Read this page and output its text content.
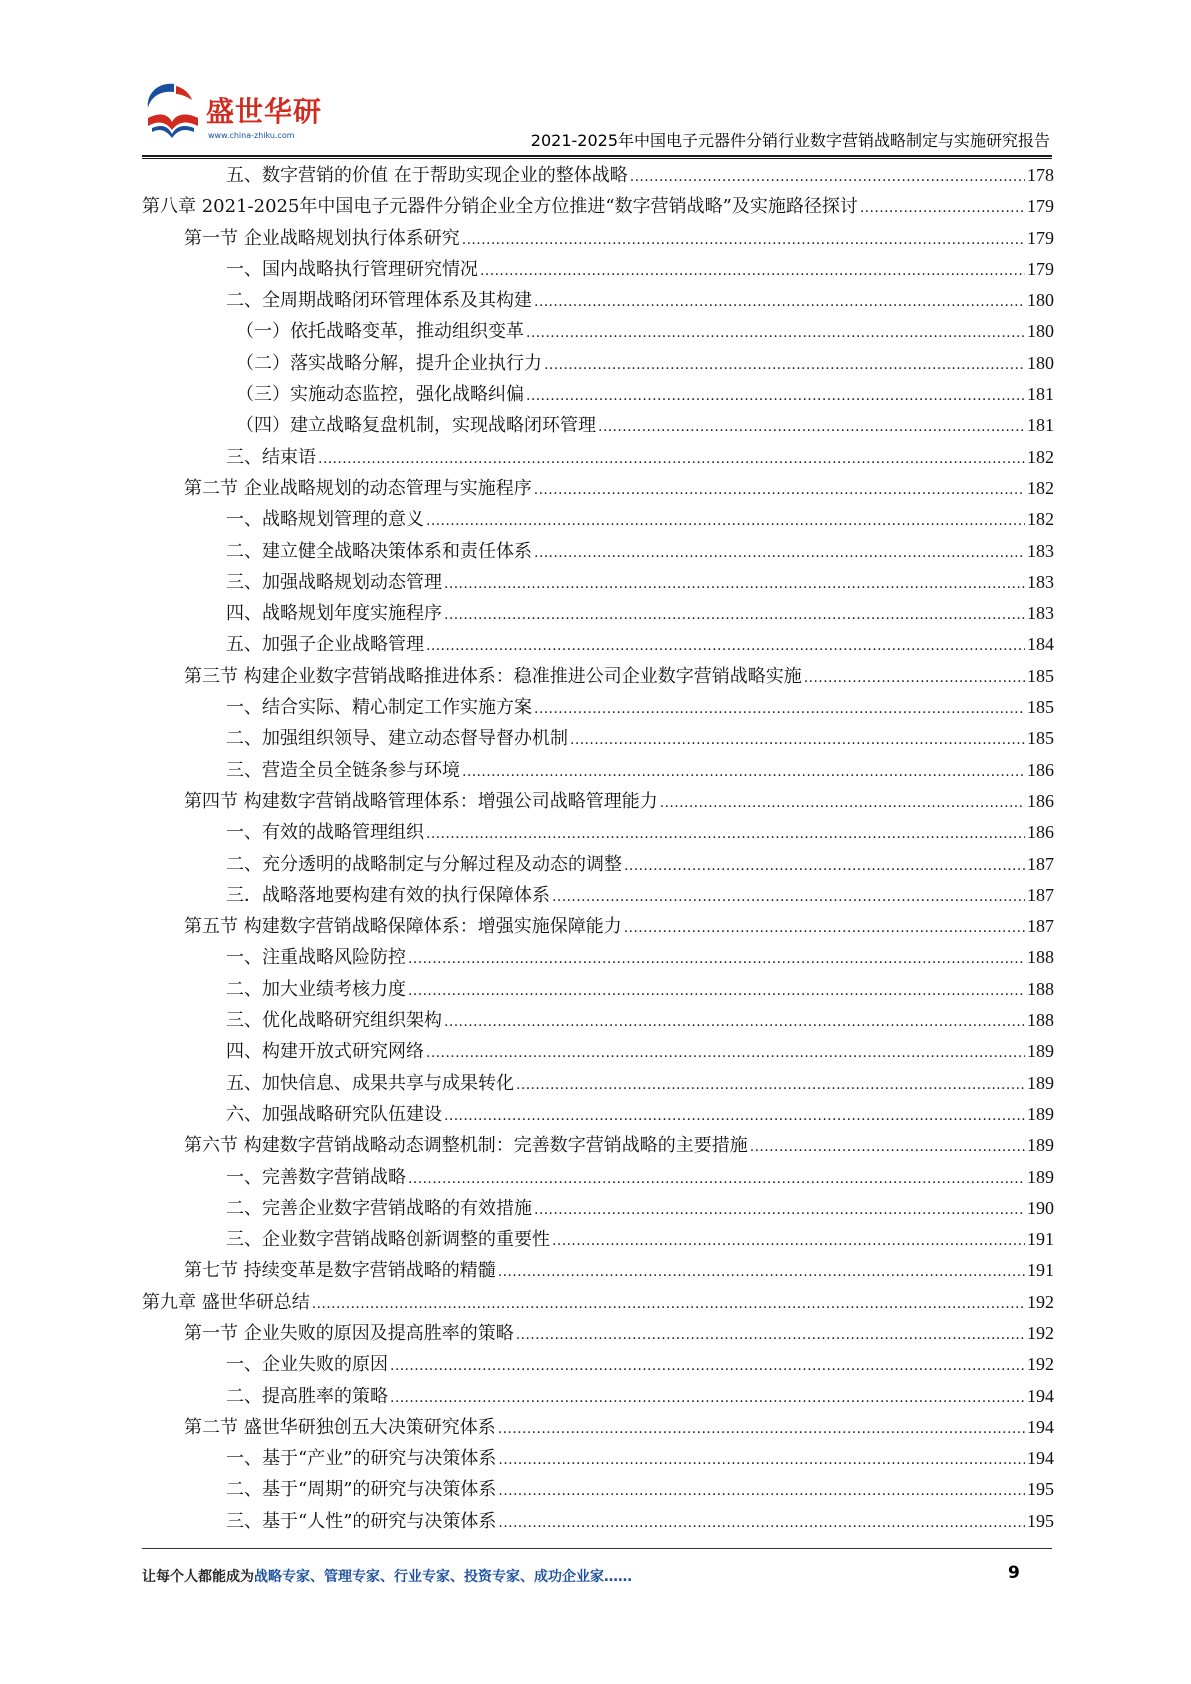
盛世华研
www.china-zhiku.com	2021-2025年中国电子元器件分销行业数字营销战略制定与实施研究报告
五、数字营销的价值 在于帮助实现企业的整体战略 .....	178
第八章 2021-2025年中国电子元器件分销企业全方位推进“数字营销战略”及实施路径探讨 .....	179
第一节 企业战略规划执行体系研究 .....	179
一、国内战略执行管理研究情况 .....	179
二、全周期战略闭环管理体系及其构建 .....	180
（一）依托战略变革，推动组织变革 .....	180
（二）落实战略分解，提升企业执行力 .....	180
（三）实施动态监控，强化战略纠偏 .....	181
（四）建立战略复盘机制，实现战略闭环管理 .....	181
三、结束语 .....	182
第二节 企业战略规划的动态管理与实施程序 .....	182
一、战略规划管理的意义 .....	182
二、建立健全战略决策体系和责任体系 .....	183
三、加强战略规划动态管理 .....	183
四、战略规划年度实施程序 .....	183
五、加强子企业战略管理 .....	184
第三节 构建企业数字营销战略推进体系：稳准推进公司企业数字营销战略实施 .....	185
一、结合实际、精心制定工作实施方案 .....	185
二、加强组织领导、建立动态督导督办机制 .....	185
三、营造全员全链条参与环境 .....	186
第四节 构建数字营销战略管理体系：增强公司战略管理能力 .....	186
一、有效的战略管理组织 .....	186
二、充分透明的战略制定与分解过程及动态的调整 .....	187
三．战略落地要构建有效的执行保障体系 .....	187
第五节 构建数字营销战略保障体系：增强实施保障能力 .....	187
一、注重战略风险防控 .....	188
二、加大业绩考核力度 .....	188
三、优化战略研究组织架构 .....	188
四、构建开放式研究网络 .....	189
五、加快信息、成果共享与成果转化 .....	189
六、加强战略研究队伍建设 .....	189
第六节 构建数字营销战略动态调整机制：完善数字营销战略的主要措施 .....	189
一、完善数字营销战略 .....	189
二、完善企业数字营销战略的有效措施 .....	190
三、企业数字营销战略创新调整的重要性 .....	191
第七节 持续变革是数字营销战略的精髓 .....	191
第九章 盛世华研总结 .....	192
第一节 企业失败的原因及提高胜率的策略 .....	192
一、企业失败的原因 .....	192
二、提高胜率的策略 .....	194
第二节 盛世华研独创五大决策研究体系 .....	194
一、基于“产业”的研究与决策体系 .....	194
二、基于“周期”的研究与决策体系 .....	195
三、基于“人性”的研究与决策体系 .....	195
让每个人都能成为战略专家、管理专家、行业专家、投资专家、成功企业家……	9
